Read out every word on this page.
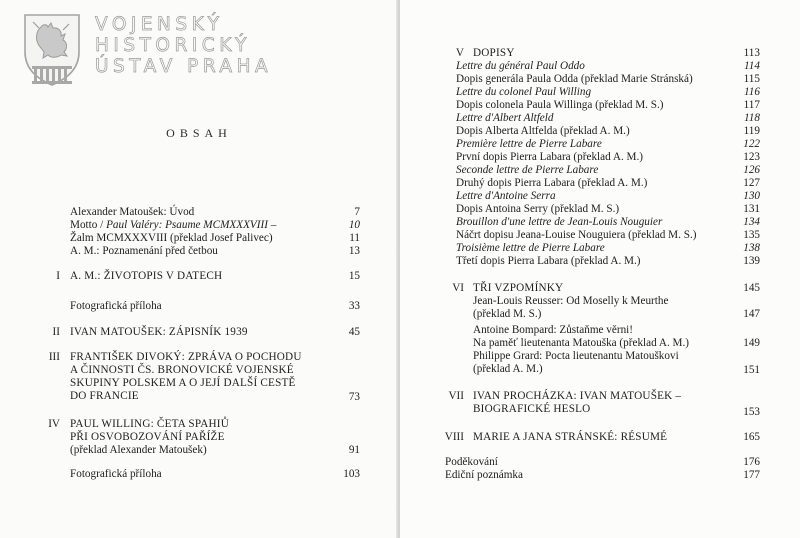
VOJENSKÝ
HISTORICKÝ
ÚSTAV PRAHA
OBSAH
Alexander Matoušek: Úvod	7
Motto / Paul Valéry: Psaume MCMXXXVIII –	10
Žalm MCMXXXVIII (překlad Josef Palivec)	11
A. M.: Poznamenání před četbou	13
I A. M.: ŽIVOTOPIS V DATECH	15
Fotografická příloha	33
II IVAN MATOUŠEK: ZÁPISNÍK 1939	45
III FRANTIŠEK DIVOKÝ: ZPRÁVA O POCHODU
A ČINNOSTI ČS. BRONOVICKÉ VOJENSKÉ
SKUPINY POLSKEM A O JEJÍ DALŠÍ CESTĚ
DO FRANCIE	73
IV PAUL WILLING: ČETA SPAHIŮ
PŘI OSVOBOZOVÁNÍ PAŘÍŽE
(překlad Alexander Matoušek)	91
Fotografická příloha	103
V DOPISY	113
Lettre du général Paul Oddo	114
Dopis generála Paula Odda (překlad Marie Stránská)	115
Lettre du colonel Paul Willing	116
Dopis colonela Paula Willinga (překlad M. S.)	117
Lettre d'Albert Altfeld	118
Dopis Alberta Altfelda (překlad A. M.)	119
Première lettre de Pierre Labare	122
První dopis Pierra Labara (překlad A. M.)	123
Seconde lettre de Pierre Labare	126
Druhý dopis Pierra Labara (překlad A. M.)	127
Lettre d'Antoine Serra	130
Dopis Antoina Serry (překlad M. S.)	131
Brouillon d'une lettre de Jean-Louis Nouguier	134
Náčrt dopisu Jeana-Louise Nouguiera (překlad M. S.)	135
Troisième lettre de Pierre Labare	138
Třetí dopis Pierra Labara (překlad A. M.)	139
VI TŘI VZPOMÍNKY	145
Jean-Louis Reusser: Od Moselly k Meurthe
(překlad M. S.)	147
Antoine Bompard: Zůstaňme věrni!
Na paměť lieutenanta Matouška (překlad A. M.)	149
Philippe Grard: Pocta lieutenantu Matouškovi
(překlad A. M.)	151
VII IVAN PROCHÁZKA: IVAN MATOUŠEK –
BIOGRAFICKÉ HESLO	153
VIII MARIE A JANA STRÁNSKÉ: RÉSUMÉ	165
Poděkování	176
Ediční poznámka	177
